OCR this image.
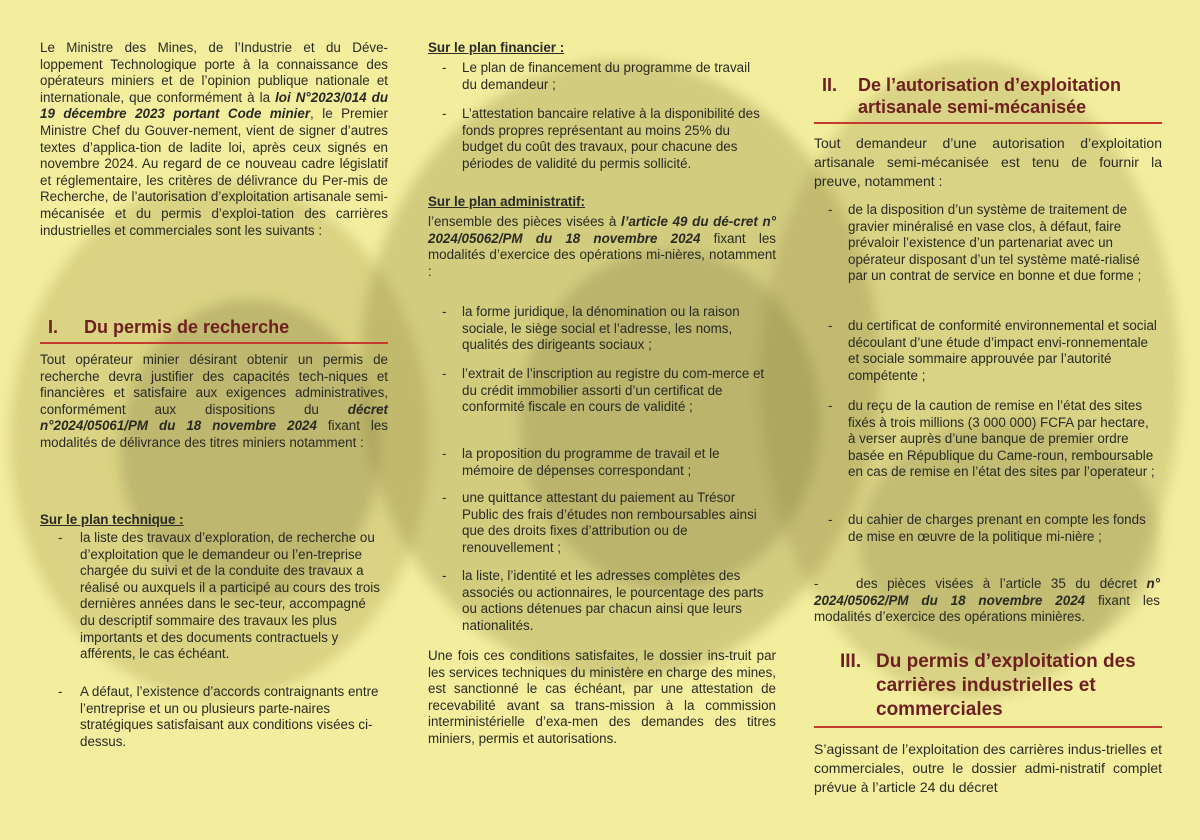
Le Ministre des Mines, de l’Industrie et du Déve-loppement Technologique porte à la connaissance des opérateurs miniers et de l’opinion publique nationale et internationale, que conformément à la loi N°2023/014 du 19 décembre 2023 portant Code minier, le Premier Ministre Chef du Gouver-nement, vient de signer d’autres textes d’applica-tion de ladite loi, après ceux signés en novembre 2024. Au regard de ce nouveau cadre législatif et réglementaire, les critères de délivrance du Per-mis de Recherche, de l’autorisation d’exploitation artisanale semi-mécanisée et du permis d’exploi-tation des carrières industrielles et commerciales sont les suivants :

I. Du permis de recherche

Tout opérateur minier désirant obtenir un permis de recherche devra justifier des capacités tech-niques et financières et satisfaire aux exigences administratives, conformément aux dispositions du décret n°2024/05061/PM du 18 novembre 2024 fixant les modalités de délivrance des titres miniers notamment :

Sur le plan technique :
-	la liste des travaux d’exploration, de recherche ou d’exploitation que le demandeur ou l’en-treprise chargée du suivi et de la conduite des travaux a réalisé ou auxquels il a participé au cours des trois dernières années dans le sec-teur, accompagné du descriptif sommaire des travaux les plus importants et des documents contractuels y afférents, le cas échéant.

-	A défaut, l’existence d’accords contraignants entre l’entreprise et un ou plusieurs parte-naires stratégiques satisfaisant aux conditions visées ci-dessus.

Sur le plan financier :
-	Le plan de financement du programme de travail du demandeur ;

-	L’attestation bancaire relative à la disponibilité des fonds propres représentant au moins 25% du budget du coût des travaux, pour chacune des périodes de validité du permis sollicité.

Sur le plan administratif:

l’ensemble des pièces visées à l’article 49 du dé-cret n° 2024/05062/PM du 18 novembre 2024 fixant les modalités d’exercice des opérations mi-nières, notamment :

-	la forme juridique, la dénomination ou la raison sociale, le siège social et l’adresse, les noms, qualités des dirigeants sociaux ;

-	l’extrait de l’inscription au registre du com-merce et du crédit immobilier assorti d’un certificat de conformité fiscale en cours de validité ;

-	la proposition du programme de travail et le mémoire de dépenses correspondant ;

-	une quittance attestant du paiement au Trésor Public des frais d’études non remboursables ainsi que des droits fixes d’attribution ou de renouvellement ;

-	la liste, l’identité et les adresses complètes des associés ou actionnaires, le pourcentage des parts ou actions détenues par chacun ainsi que leurs nationalités.

Une fois ces conditions satisfaites, le dossier ins-truit par les services techniques du ministère en charge des mines, est sanctionné le cas échéant, par une attestation de recevabilité avant sa trans-mission à la commission interministérielle d’exa-men des demandes des titres miniers, permis et autorisations.

II. De l’autorisation d’exploitation
artisanale semi-mécanisée

Tout demandeur d’une autorisation d’exploitation artisanale semi-mécanisée est tenu de fournir la preuve, notamment :

-	de la disposition d’un système de traitement de gravier minéralisé en vase clos, à défaut, faire prévaloir l’existence d’un partenariat avec un opérateur disposant d’un tel système maté-rialisé par un contrat de service en bonne et due forme ;

-	du certificat de conformité environnemental et social découlant d’une étude d’impact envi-ronnementale et sociale sommaire approuvée par l’autorité compétente ;

-	du reçu de la caution de remise en l’état des sites fixés à trois millions (3 000 000) FCFA par hectare, à verser auprès d’une banque de premier ordre basée en République du Came-roun, remboursable en cas de remise en l’état des sites par l’operateur ;

-	du cahier de charges prenant en compte les fonds de mise en œuvre de la politique mi-nière ;

-	des pièces visées à l’article 35 du décret n° 2024/05062/PM du 18 novembre 2024 fixant les modalités d’exercice des opérations minières.

III. Du permis d’exploitation des
carrières industrielles et
commerciales

S’agissant de l’exploitation des carrières indus-trielles et commerciales, outre le dossier admi-nistratif complet prévue à l’article 24 du décret
